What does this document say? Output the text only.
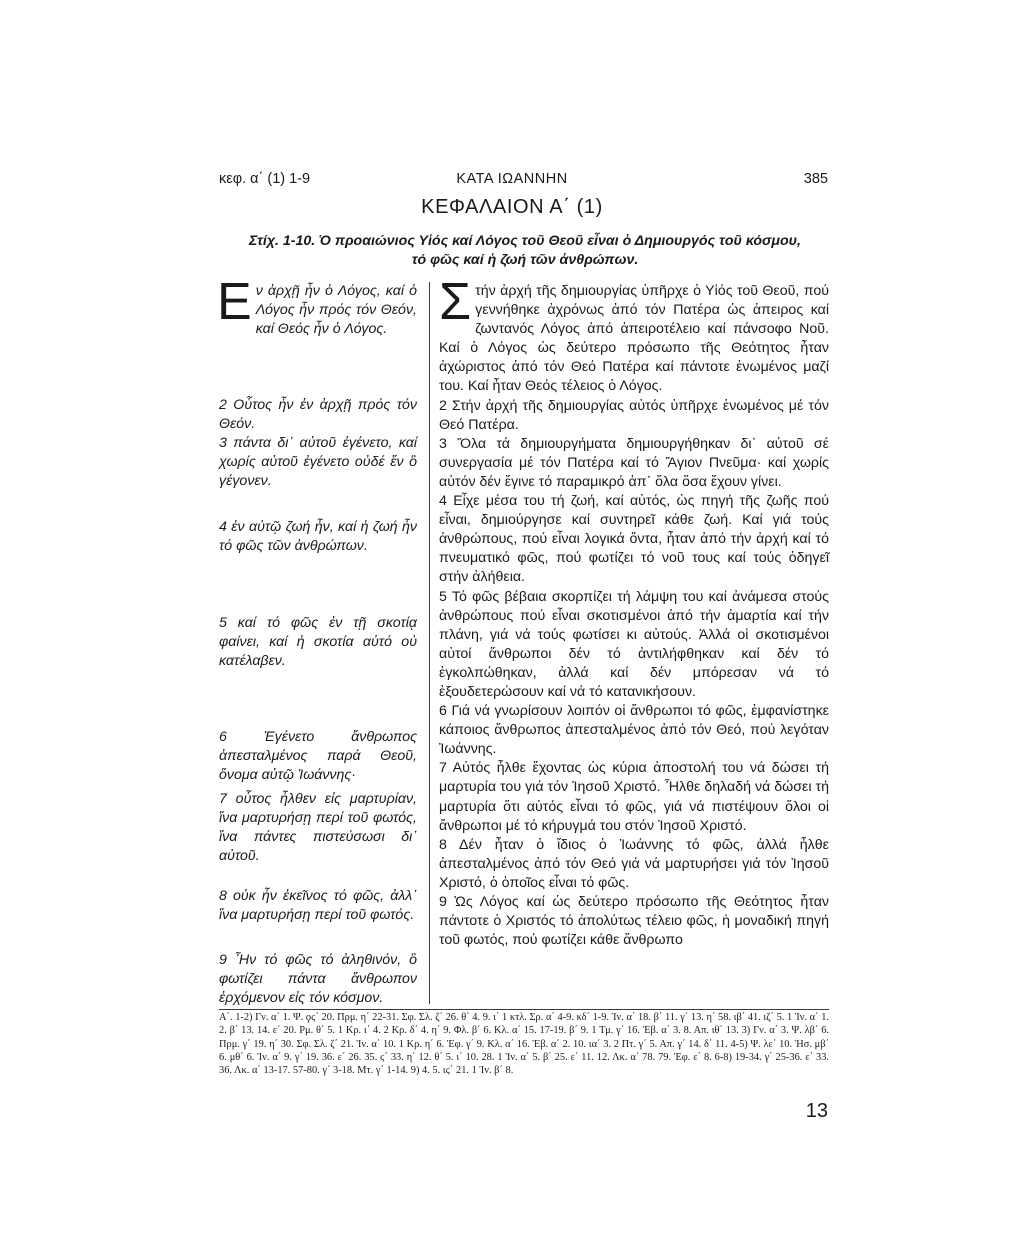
κεφ. α΄ (1) 1-9	ΚΑΤΑ ΙΩΑΝΝΗΝ	385
ΚΕΦΑΛΑΙΟΝ Α΄ (1)
Στίχ. 1-10. Ὁ προαιώνιος Υἱός καί Λόγος τοῦ Θεοῦ εἶναι ὁ Δημιουργός τοῦ κόσμου,
τό φῶς καί ἡ ζωή τῶν ἀνθρώπων.

Εν ἀρχῇ ἦν ὁ Λόγος, καί ὁ Λόγος ἦν πρός τόν Θεόν, καί Θεός ἦν ὁ Λόγος.

2 Οὗτος ἦν ἐν ἀρχῇ πρός τόν Θεόν.

3 πάντα δι᾿ αὐτοῦ ἐγένετο, καί χωρίς αὐτοῦ ἐγένετο οὐδέ ἕν ὃ γέγονεν.

4 ἐν αὐτῷ ζωή ἦν, καί ἡ ζωή ἦν τό φῶς τῶν ἀνθρώπων.

5 καί τό φῶς ἐν τῇ σκοτίᾳ φαίνει, καί ἡ σκοτία αὐτό οὐ κατέλαβεν.

6 Ἐγένετο ἄνθρωπος ἀπεσταλμένος παρά Θεοῦ, ὄνομα αὐτῷ Ἰωάννης·

7 οὗτος ἦλθεν εἰς μαρτυρίαν, ἵνα μαρτυρήσῃ περί τοῦ φωτός, ἵνα πάντες πιστεύσωσι δι᾿ αὐτοῦ.

8 οὐκ ἦν ἐκεῖνος τό φῶς, ἀλλ᾿ ἵνα μαρτυρήσῃ περί τοῦ φωτός.

9 Ἦν τό φῶς τό ἀληθινόν, ὃ φωτίζει πάντα ἄνθρωπον ἐρχόμενον εἰς τόν κόσμον.

Στήν ἀρχή τῆς δημιουργίας ὑπῆρχε ὁ Υἱός τοῦ Θεοῦ, πού γεννήθηκε ἀχρόνως ἀπό τόν Πατέρα ὡς ἀπειρος καί ζωντανός Λόγος ἀπό ἀπειροτέλειο καί πάνσοφο Νοῦ. Καί ὁ Λόγος ὡς δεύτερο πρόσωπο τῆς Θεότητος ἦταν ἀχώριστος ἀπό τόν Θεό Πατέρα καί πάντοτε ἑνωμένος μαζί του. Καί ἦταν Θεός τέλειος ὁ Λόγος.

2 Στήν ἀρχή τῆς δημιουργίας αὐτός ὑπῆρχε ἑνωμένος μέ τόν Θεό Πατέρα.

3 Ὅλα τά δημιουργήματα δημιουργήθηκαν δι᾿ αὐτοῦ σέ συνεργασία μέ τόν Πατέρα καί τό Ἅγιον Πνεῦμα· καί χωρίς αὐτόν δέν ἔγινε τό παραμικρό ἀπ᾿ ὅλα ὅσα ἔχουν γίνει.

4 Εἶχε μέσα του τή ζωή, καί αὐτός, ὡς πηγή τῆς ζωῆς πού εἶναι, δημιούργησε καί συντηρεῖ κάθε ζωή. Καί γιά τούς ἀνθρώπους, πού εἶναι λογικά ὄντα, ἦταν ἀπό τήν ἀρχή καί τό πνευματικό φῶς, πού φωτίζει τό νοῦ τους καί τούς ὁδηγεῖ στήν ἀλήθεια.

5 Τό φῶς βέβαια σκορπίζει τή λάμψη του καί ἀνάμεσα στούς ἀνθρώπους πού εἶναι σκοτισμένοι ἀπό τήν ἁμαρτία καί τήν πλάνη, γιά νά τούς φωτίσει κι αὐτούς. Ἀλλά οἱ σκοτισμένοι αὐτοί ἄνθρωποι δέν τό ἀντιλήφθηκαν καί δέν τό ἐγκολπώθηκαν, ἀλλά καί δέν μπόρεσαν νά τό ἐξουδετερώσουν καί νά τό κατανικήσουν.

6 Γιά νά γνωρίσουν λοιπόν οἱ ἄνθρωποι τό φῶς, ἐμφανίστηκε κάποιος ἄνθρωπος ἀπεσταλμένος ἀπό τόν Θεό, πού λεγόταν Ἰωάννης.

7 Αὐτός ἦλθε ἔχοντας ὡς κύρια ἀποστολή του νά δώσει τή μαρτυρία του γιά τόν Ἰησοῦ Χριστό. Ἦλθε δηλαδή νά δώσει τή μαρτυρία ὅτι αὐτός εἶναι τό φῶς, γιά νά πιστέψουν ὅλοι οἱ ἄνθρωποι μέ τό κήρυγμά του στόν Ἰησοῦ Χριστό.

8 Δέν ἦταν ὁ ἴδιος ὁ Ἰωάννης τό φῶς, ἀλλά ἦλθε ἀπεσταλμένος ἀπό τόν Θεό γιά νά μαρτυρήσει γιά τόν Ἰησοῦ Χριστό, ὁ ὁποῖος εἶναι τό φῶς.

9 Ὡς Λόγος καί ὡς δεύτερο πρόσωπο τῆς Θεότητος ἦταν πάντοτε ὁ Χριστός τό ἀπολύτως τέλειο φῶς, ἡ μοναδική πηγή τοῦ φωτός, πού φωτίζει κάθε ἄνθρωπο

Α΄. 1-2) Γν. α΄ 1. Ψ. ϙϛ΄ 20. Πρμ. η΄ 22-31. Σφ. Σλ. ζ΄ 26. θ΄ 4. 9. ι΄ 1 κτλ. Σρ. α΄ 4-9. κδ΄ 1-9. Ἰν. α΄ 18. β΄ 11. γ΄ 13. η΄ 58. ιβ΄ 41. ιζ΄ 5. 1 Ἰν. α΄ 1. 2. β΄ 13. 14. ε΄ 20. Ρμ. θ΄ 5. 1 Κρ. ι΄ 4. 2 Κρ. δ΄ 4. η΄ 9. Φλ. β΄ 6. Κλ. α΄ 15. 17-19. β΄ 9. 1 Τμ. γ΄ 16. Ἑβ. α΄ 3. 8. Απ. ιθ΄ 13. 3) Γν. α΄ 3. Ψ. λβ΄ 6. Πρμ. γ΄ 19. η΄ 30. Σφ. Σλ. ζ΄ 21. Ἰν. α΄ 10. 1 Κρ. η΄ 6. Ἐφ. γ΄ 9. Κλ. α΄ 16. Ἑβ. α΄ 2. 10. ια΄ 3. 2 Πτ. γ΄ 5. Απ. γ΄ 14. δ΄ 11. 4-5) Ψ. λε΄ 10. Ἡσ. μβ΄ 6. μθ΄ 6. Ἰν. α΄ 9. γ΄ 19. 36. ε΄ 26. 35. ϛ΄ 33. η΄ 12. θ΄ 5. ι΄ 10. 28. 1 Ἰν. α΄ 5. β΄ 25. ε΄ 11. 12. Λκ. α΄ 78. 79. Ἐφ. ε΄ 8. 6-8) 19-34. γ΄ 25-36. ε΄ 33. 36. Λκ. α΄ 13-17. 57-80. γ΄ 3-18. Μτ. γ΄ 1-14. 9) 4. 5. ιϛ΄ 21. 1 Ἰν. β΄ 8.

13
